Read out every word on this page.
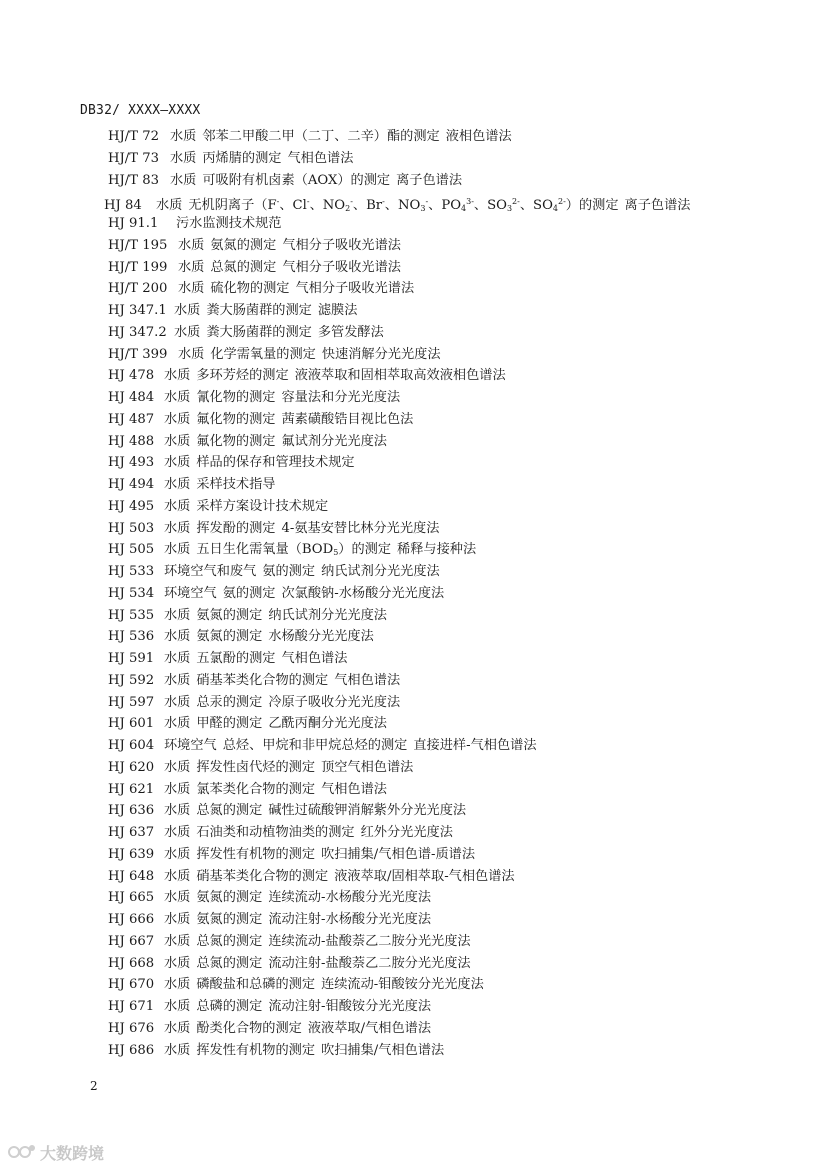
DB32/ XXXX—XXXX
HJ/T 72 水质 邻苯二甲酸二甲（二丁、二辛）酯的测定 液相色谱法
HJ/T 73 水质 丙烯腈的测定 气相色谱法
HJ/T 83 水质 可吸附有机卤素（AOX）的测定 离子色谱法
HJ 84 水质 无机阴离子（F-、Cl-、$NO_2^-$、Br-、$NO_3^-$、$PO_4^{3-}$、$SO_3^{2-}$、$SO_4^{2-}$）的测定 离子色谱法
HJ 91.1 污水监测技术规范
HJ/T 195 水质 氨氮的测定 气相分子吸收光谱法
HJ/T 199 水质 总氮的测定 气相分子吸收光谱法
HJ/T 200 水质 硫化物的测定 气相分子吸收光谱法
HJ 347.1 水质 粪大肠菌群的测定 滤膜法
HJ 347.2 水质 粪大肠菌群的测定 多管发酵法
HJ/T 399 水质 化学需氧量的测定 快速消解分光光度法
HJ 478 水质 多环芳烃的测定 液液萃取和固相萃取高效液相色谱法
HJ 484 水质 氰化物的测定 容量法和分光光度法
HJ 487 水质 氟化物的测定 茜素磺酸锆目视比色法
HJ 488 水质 氟化物的测定 氟试剂分光光度法
HJ 493 水质 样品的保存和管理技术规定
HJ 494 水质 采样技术指导
HJ 495 水质 采样方案设计技术规定
HJ 503 水质 挥发酚的测定 4-氨基安替比林分光光度法
HJ 505 水质 五日生化需氧量$(BOD_5)$的测定 稀释与接种法
HJ 533 环境空气和废气 氨的测定 纳氏试剂分光光度法
HJ 534 环境空气 氨的测定 次氯酸钠-水杨酸分光光度法
HJ 535 水质 氨氮的测定 纳氏试剂分光光度法
HJ 536 水质 氨氮的测定 水杨酸分光光度法
HJ 591 水质 五氯酚的测定 气相色谱法
HJ 592 水质 硝基苯类化合物的测定 气相色谱法
HJ 597 水质 总汞的测定 冷原子吸收分光光度法
HJ 601 水质 甲醛的测定 乙酰丙酮分光光度法
HJ 604 环境空气 总烃、甲烷和非甲烷总烃的测定 直接进样-气相色谱法
HJ 620 水质 挥发性卤代烃的测定 顶空气相色谱法
HJ 621 水质 氯苯类化合物的测定 气相色谱法
HJ 636 水质 总氮的测定 碱性过硫酸钾消解紫外分光光度法
HJ 637 水质 石油类和动植物油类的测定 红外分光光度法
HJ 639 水质 挥发性有机物的测定 吹扫捕集/气相色谱-质谱法
HJ 648 水质 硝基苯类化合物的测定 液液萃取/固相萃取-气相色谱法
HJ 665 水质 氨氮的测定 连续流动-水杨酸分光光度法
HJ 666 水质 氨氮的测定 流动注射-水杨酸分光光度法
HJ 667 水质 总氮的测定 连续流动-盐酸萘乙二胺分光光度法
HJ 668 水质 总氮的测定 流动注射-盐酸萘乙二胺分光光度法
HJ 670 水质 磷酸盐和总磷的测定 连续流动-钼酸铵分光光度法
HJ 671 水质 总磷的测定 流动注射-钼酸铵分光光度法
HJ 676 水质 酚类化合物的测定 液液萃取/气相色谱法
HJ 686 水质 挥发性有机物的测定 吹扫捕集/气相色谱法
2
大数跨境
